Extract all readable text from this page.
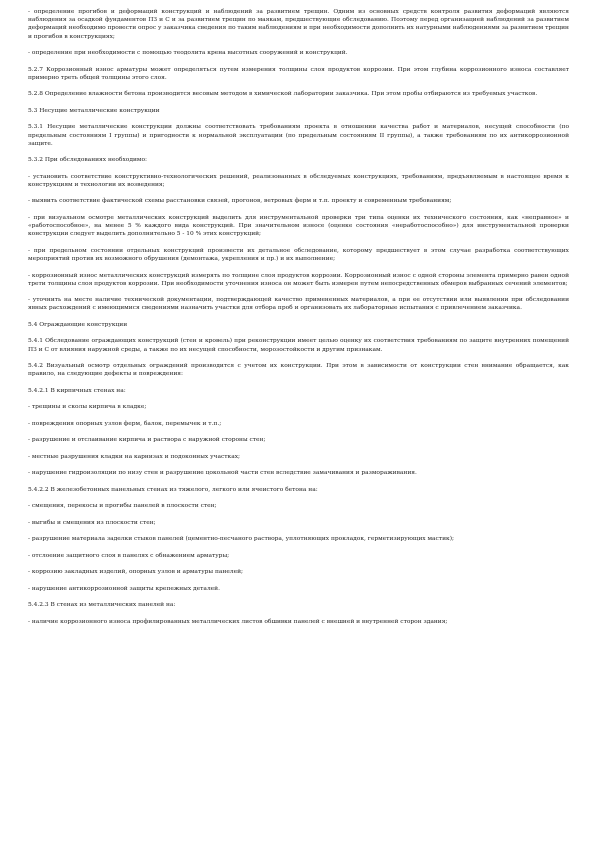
- определение прогибов и деформаций конструкций и наблюдений за развитием трещин. Одним из основных средств контроля развития деформаций являются наблюдения за осадкой фундаментов ПЗ и С и за развитием трещин по маякам, предшествующие обследованию. Поэтому перед организацией наблюдений за развитием деформаций необходимо провести опрос у заказчика сведения по таким наблюдениям и при необходимости дополнить их натурными наблюдениями за развитием трещин и прогибов в конструкциях;

- определение при необходимости с помощью теодолита крена высотных сооружений и конструкций.

5.2.7 Коррозионный износ арматуры может определяться путем измерения толщины слоя продуктов коррозии. При этом глубина коррозионного износа составляет примерно треть общей толщины этого слоя.

5.2.8 Определение влажности бетона производится весовым методом в химической лаборатории заказчика. При этом пробы отбираются из требуемых участков.

5.3 Несущие металлические конструкции

5.3.1 Несущие металлические конструкции должны соответствовать требованиям проекта в отношении качества работ и материалов, несущей способности (по предельным состояниям I группы) и пригодности к нормальной эксплуатации (по предельным состояниям II группы), а также требованиям по их антикоррозионной защите.

5.3.2 При обследованиях необходимо:

- установить соответствие конструктивно-технологических решений, реализованных в обследуемых конструкциях, требованиям, предъявляемым в настоящее время к конструкциям и технологии их возведения;

- выявить соответствие фактической схемы расстановки связей, прогонов, ветровых ферм и т.п. проекту и современным требованиям;

- при визуальном осмотре металлических конструкций выделить для инструментальной проверки три типа оценки их технического состояния, как «неправное» и «работоспособное», на менее 5 % каждого вида конструкций. При значительном износе (оценке состояния «неработоспособно») для инструментальной проверки конструкции следует выделить дополнительно 5 - 10 % этих конструкций;

- при предельном состоянии отдельных конструкций произвести их детальное обследование, которому предшествует в этом случае разработка соответствующих мероприятий против их возможного обрушения (демонтажа, укрепления и пр.) и их выполнение;

- коррозионный износ металлических конструкций измерять по толщине слоя продуктов коррозии. Коррозионный износ с одной стороны элемента примерно равен одной трети толщины слоя продуктов коррозии. При необходимости уточнения износа он может быть измерен путем непосредственных обмеров выбранных сечений элементов;

- уточнить на месте наличие технической документации, подтверждающей качество примененных материалов, а при ее отсутствии или выявлении при обследовании явных расхождений с имеющимися сведениями назначить участки для отбора проб и организовать их лабораторные испытания с привлечением заказчика.

5.4 Ограждающие конструкции

5.4.1 Обследование ограждающих конструкций (стен и кровель) при реконструкции имеет целью оценку их соответствия требованиям по защите внутренних помещений ПЗ и С от влияния наружной среды, а также по их несущей способности, морозостойкости и другим признакам.

5.4.2 Визуальный осмотр отдельных ограждений производится с учетом их конструкции. При этом в зависимости от конструкции стен внимание обращается, как правило, на следующие дефекты и повреждения:

5.4.2.1 В кирпичных стенах на:

- трещины и сколы кирпича в кладке;

- повреждения опорных узлов ферм, балок, перемычек и т.п.;

- разрушение и отслаивание кирпича и раствора с наружной стороны стен;

- местные разрушения кладки на карнизах и подоконных участках;

- нарушение гидроизоляции по низу стен и разрушение цокольной части стен вследствие замачивания и размораживания.

5.4.2.2 В железобетонных панельных стенах из тяжелого, легкого или ячеистого бетона на:

- смещения, перекосы и прогибы панелей в плоскости стен;

- выгибы и смещения из плоскости стен;

- разрушение материала заделки стыков панелей (цементно-песчаного раствора, уплотняющих прокладок, герметизирующих мастик);

- отслоение защитного слоя в панелях с обнажением арматуры;

- коррозию закладных изделий, опорных узлов и арматуры панелей;

- нарушение антикоррозионной защиты крепежных деталей.

5.4.2.3 В стенах из металлических панелей на:

- наличие коррозионного износа профилированных металлических листов обшивки панелей с внешней и внутренней сторон здания;
